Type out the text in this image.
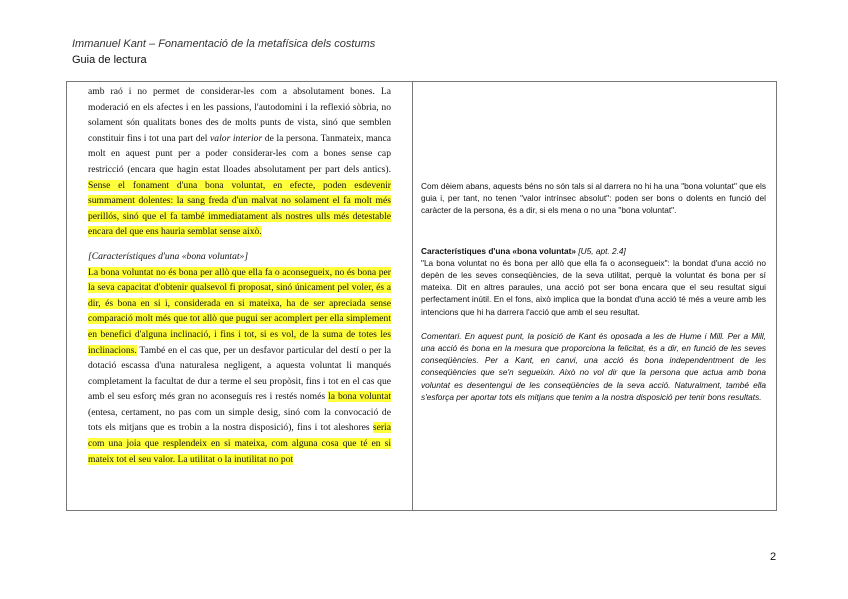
Immanuel Kant – Fonamentació de la metafísica dels costums
Guia de lectura

amb raó i no permet de considerar-les com a absolutament bones. La moderació en els afectes i en les passions, l'autodomini i la reflexió sòbria, no solament són qualitats bones des de molts punts de vista, sinó que semblen constituir fins i tot una part del valor interior de la persona. Tanmateix, manca molt en aquest punt per a poder considerar-les com a bones sense cap restricció (encara que hagin estat lloades absolutament per part dels antics). Sense el fonament d'una bona voluntat, en efecte, poden esdevenir summament dolentes: la sang freda d'un malvat no solament el fa molt més perillós, sinó que el fa també immediatament als nostres ulls més detestable encara del que ens hauria semblat sense això.

[Característiques d'una «bona voluntat»]

La bona voluntat no és bona per allò que ella fa o aconsegueix, no és bona per la seva capacitat d'obtenir qualsevol fi proposat, sinó únicament pel voler, és a dir, és bona en si i, considerada en si mateixa, ha de ser apreciada sense comparació molt més que tot allò que pugui ser acomplert per ella simplement en benefici d'alguna inclinació, i fins i tot, si es vol, de la suma de totes les inclinacions. També en el cas que, per un desfavor particular del destí o per la dotació escassa d'una naturalesa negligent, a aquesta voluntat li manqués completament la facultat de dur a terme el seu propòsit, fins i tot en el cas que amb el seu esforç més gran no aconseguís res i restés només la bona voluntat (entesa, certament, no pas com un simple desig, sinó com la convocació de tots els mitjans que es trobin a la nostra disposició), fins i tot aleshores seria com una joia que resplendeix en si mateixa, com alguna cosa que té en si mateix tot el seu valor. La utilitat o la inutilitat no pot

Com dèiem abans, aquests béns no són tals si al darrera no hi ha una "bona voluntat" que els guia i, per tant, no tenen "valor intrínsec absolut": poden ser bons o dolents en funció del caràcter de la persona, és a dir, si els mena o no una "bona voluntat".

Característiques d'una «bona voluntat» [U5, apt. 2.4]

"La bona voluntat no és bona per allò que ella fa o aconsegueix": la bondat d'una acció no depèn de les seves conseqüències, de la seva utilitat, perquè la voluntat és bona per sí mateixa. Dit en altres paraules, una acció pot ser bona encara que el seu resultat sigui perfectament inútil. En el fons, això implica que la bondat d'una acció té més a veure amb les intencions que hi ha darrera l'acció que amb el seu resultat.

Comentari. En aquest punt, la posició de Kant és oposada a les de Hume i Mill. Per a Mill, una acció és bona en la mesura que proporciona la felicitat, és a dir, en funció de les seves conseqüències. Per a Kant, en canvi, una acció és bona independentment de les conseqüències que se'n segueixin. Això no vol dir que la persona que actua amb bona voluntat es desentengui de les conseqüències de la seva acció. Naturalment, també ella s'esforça per aportar tots els mitjans que tenim a la nostra disposició per tenir bons resultats.

2
